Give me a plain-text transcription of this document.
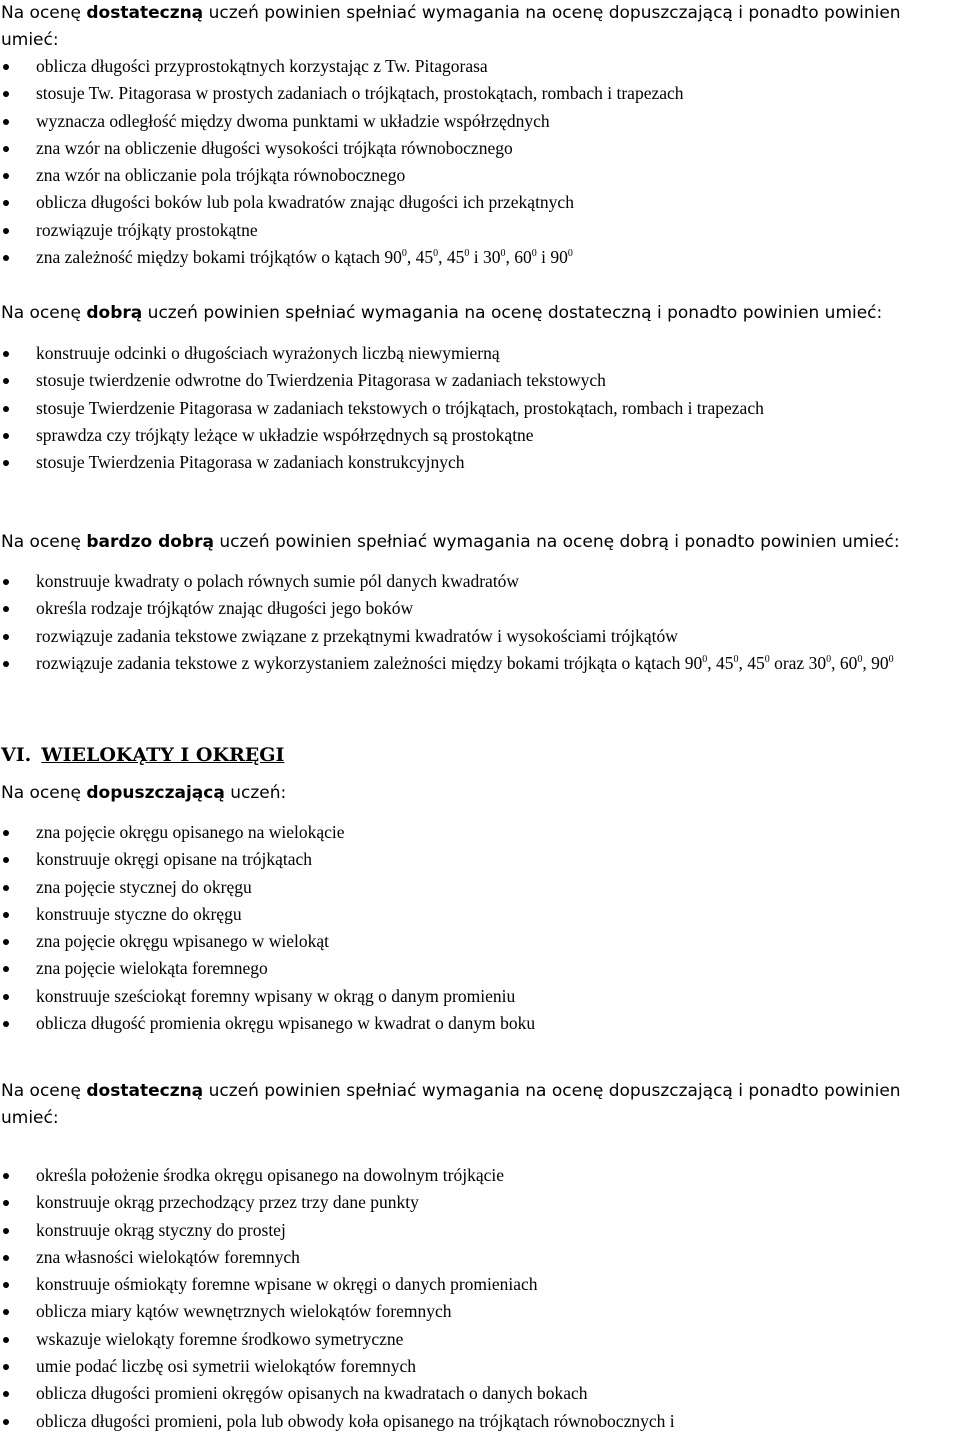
Na ocenę dostateczną uczeń powinien spełniać wymagania na ocenę dopuszczającą i ponadto powinien umieć:

oblicza długości przyprostokątnych korzystając z Tw. Pitagorasa
stosuje Tw. Pitagorasa w prostych zadaniach o trójkątach, prostokątach, rombach i trapezach
wyznacza odległość między dwoma punktami w układzie współrzędnych
zna wzór na obliczenie długości wysokości trójkąta równobocznego
zna wzór na obliczanie pola trójkąta równobocznego
oblicza długości boków lub pola kwadratów znając długości ich przekątnych
rozwiązuje trójkąty prostokątne
zna zależność między bokami trójkątów o kątach $90^0$, $45^0$, $45^0$ i $30^0$, $60^0$ i $90^0$

Na ocenę dobrą uczeń powinien spełniać wymagania na ocenę dostateczną i ponadto powinien umieć:

konstruuje odcinki o długościach wyrażonych liczbą niewymierną
stosuje twierdzenie odwrotne do Twierdzenia Pitagorasa w zadaniach tekstowych
stosuje Twierdzenie Pitagorasa w zadaniach tekstowych o trójkątach, prostokątach, rombach i trapezach
sprawdza czy trójkąty leżące w układzie współrzędnych są prostokątne
stosuje Twierdzenia Pitagorasa w zadaniach konstrukcyjnych

Na ocenę bardzo dobrą uczeń powinien spełniać wymagania na ocenę dobrą i ponadto powinien umieć:

konstruuje kwadraty o polach równych sumie pól danych kwadratów
określa rodzaje trójkątów znając długości jego boków
rozwiązuje zadania tekstowe związane z przekątnymi kwadratów i wysokościami trójkątów
rozwiązuje zadania tekstowe z wykorzystaniem zależności między bokami trójkąta o kątach $90^0$, $45^0$, $45^0$ oraz $30^0$, $60^0$, $90^0$

VI. WIELOKĄTY I OKRĘGI

Na ocenę dopuszczającą uczeń:

zna pojęcie okręgu opisanego na wielokącie
konstruuje okręgi opisane na trójkątach
zna pojęcie stycznej do okręgu
konstruuje styczne do okręgu
zna pojęcie okręgu wpisanego w wielokąt
zna pojęcie wielokąta foremnego
konstruuje sześciokąt foremny wpisany w okrąg o danym promieniu
oblicza długość promienia okręgu wpisanego w kwadrat o danym boku

Na ocenę dostateczną uczeń powinien spełniać wymagania na ocenę dopuszczającą i ponadto powinien umieć:

określa położenie środka okręgu opisanego na dowolnym trójkącie
konstruuje okrąg przechodzący przez trzy dane punkty
konstruuje okrąg styczny do prostej
zna własności wielokątów foremnych
konstruuje ośmiokąty foremne wpisane w okręgi o danych promieniach
oblicza miary kątów wewnętrznych wielokątów foremnych
wskazuje wielokąty foremne środkowo symetryczne
umie podać liczbę osi symetrii wielokątów foremnych
oblicza długości promieni okręgów opisanych na kwadratach o danych bokach
oblicza długości promieni, pola lub obwody koła opisanego na trójkątach równobocznych i
